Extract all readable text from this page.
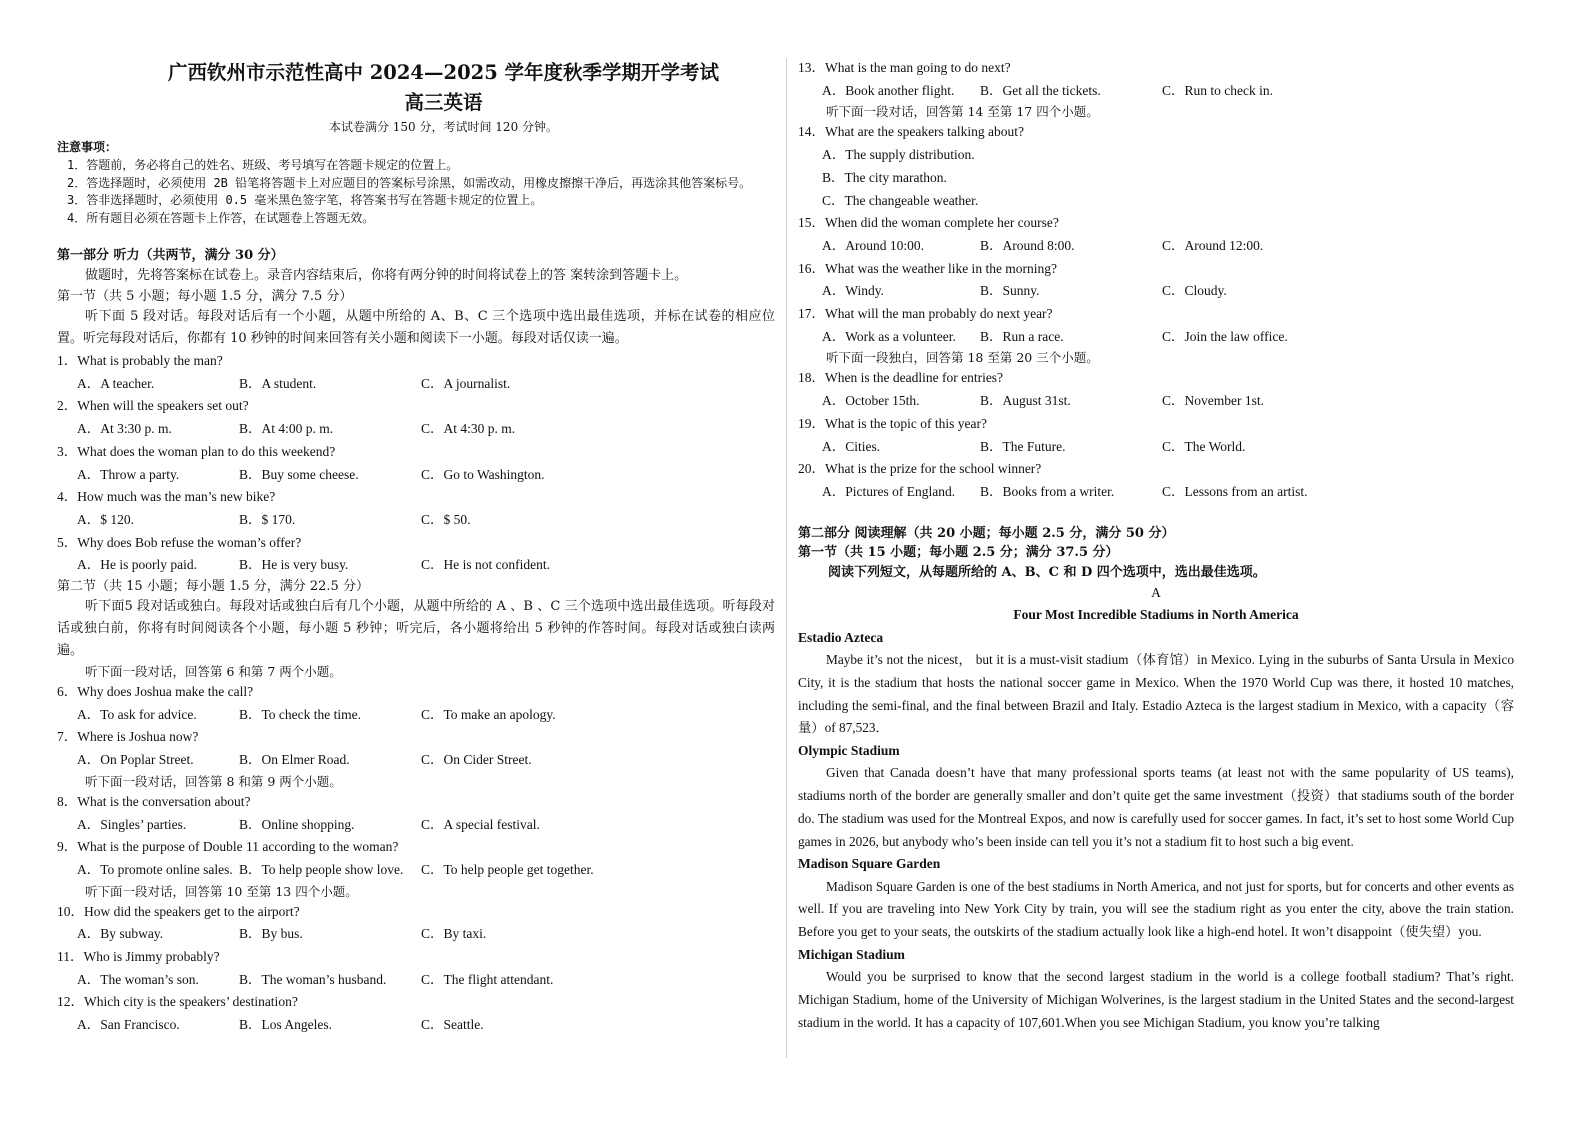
广西钦州市示范性高中 2024—2025 学年度秋季学期开学考试
高三英语
本试卷满分 150 分，考试时间 120 分钟。
注意事项：
1．答题前，务必将自己的姓名、班级、考号填写在答题卡规定的位置上。
2．答选择题时，必须使用 2B 铅笔将答题卡上对应题目的答案标号涂黑，如需改动，用橡皮擦擦干净后，再选涂其他答案标号。
3．答非选择题时，必须使用 0.5 毫米黑色签字笔，将答案书写在答题卡规定的位置上。
4．所有题目必须在答题卡上作答，在试题卷上答题无效。
第一部分 听力（共两节，满分 30 分）
做题时，先将答案标在试卷上。录音内容结束后，你将有两分钟的时间将试卷上的答 案转涂到答题卡上。
第一节（共 5 小题；每小题 1.5 分，满分 7.5 分）
听下面 5 段对话。每段对话后有一个小题，从题中所给的 A、B、C 三个选项中选出最佳选项，并标在试卷的相应位置。听完每段对话后，你都有 10 秒钟的时间来回答有关小题和阅读下一小题。每段对话仅读一遍。
1．What is probably the man?
A．A teacher.	B．A student.	C．A journalist.
2．When will the speakers set out?
A．At 3:30 p. m.	B．At 4:00 p. m.	C．At 4:30 p. m.
3．What does the woman plan to do this weekend?
A．Throw a party.	B．Buy some cheese.	C．Go to Washington.
4．How much was the man’s new bike?
A．$ 120.	B．$ 170.	C．$ 50.
5．Why does Bob refuse the woman’s offer?
A．He is poorly paid.	B．He is very busy.	C．He is not confident.
第二节（共 15 小题；每小题 1.5 分，满分 22.5 分）
听下面5 段对话或独白。每段对话或独白后有几个小题，从题中所给的 A 、B 、C 三个选项中选出最佳选项。听每段对话或独白前，你将有时间阅读各个小题，每小题 5 秒钟；听完后，各小题将给出 5 秒钟的作答时间。每段对话或独白读两遍。
听下面一段对话，回答第 6 和第 7 两个小题。
6．Why does Joshua make the call?
A．To ask for advice.	B．To check the time.	C．To make an apology.
7．Where is Joshua now?
A．On Poplar Street.	B．On Elmer Road.	C．On Cider Street.
听下面一段对话，回答第 8 和第 9 两个小题。
8．What is the conversation about?
A．Singles’ parties.	B．Online shopping.	C．A special festival.
9．What is the purpose of Double 11 according to the woman?
A．To promote online sales. B．To help people show love.	C．To help people get together.
听下面一段对话，回答第 10 至第 13 四个小题。
10．How did the speakers get to the airport?
A．By subway.	B．By bus.	C．By taxi.
11．Who is Jimmy probably?
A．The woman’s son.	B．The woman’s husband.	C．The flight attendant.
12．Which city is the speakers’ destination?
A．San Francisco.	B．Los Angeles.	C．Seattle.
13．What is the man going to do next?
A．Book another flight.	B．Get all the tickets.	C．Run to check in.
听下面一段对话，回答第 14 至第 17 四个小题。
14．What are the speakers talking about?
A．The supply distribution.
B．The city marathon.
C．The changeable weather.
15．When did the woman complete her course?
A．Around 10:00.	B．Around 8:00.	C．Around 12:00.
16．What was the weather like in the morning?
A．Windy.	B．Sunny.	C．Cloudy.
17．What will the man probably do next year?
A．Work as a volunteer.	B．Run a race.	C．Join the law office.
听下面一段独白，回答第 18 至第 20 三个小题。
18．When is the deadline for entries?
A．October 15th.	B．August 31st.	C．November 1st.
19．What is the topic of this year?
A．Cities.	B．The Future.	C．The World.
20．What is the prize for the school winner?
A．Pictures of England.	B．Books from a writer.	C．Lessons from an artist.
第二部分 阅读理解（共 20 小题；每小题 2.5 分，满分 50 分）
第一节（共 15 小题；每小题 2.5 分；满分 37.5 分）
阅读下列短文，从每题所给的 A、B、C 和 D 四个选项中，选出最佳选项。
A
Four Most Incredible Stadiums in North America
Estadio Azteca
Maybe it’s not the nicest， but it is a must-visit stadium（体育馆）in Mexico. Lying in the suburbs of Santa Ursula in Mexico City, it is the stadium that hosts the national soccer game in Mexico. When the 1970 World Cup was there, it hosted 10 matches, including the semi-final, and the final between Brazil and Italy. Estadio Azteca is the largest stadium in Mexico, with a capacity（容量）of 87,523．
Olympic Stadium
Given that Canada doesn’t have that many professional sports teams (at least not with the same popularity of US teams), stadiums north of the border are generally smaller and don’t quite get the same investment（投资）that stadiums south of the border do. The stadium was used for the Montreal Expos, and now is carefully used for soccer games. In fact, it’s set to host some World Cup games in 2026, but anybody who’s been inside can tell you it’s not a stadium fit to host such a big event.
Madison Square Garden
Madison Square Garden is one of the best stadiums in North America, and not just for sports, but for concerts and other events as well. If you are traveling into New York City by train, you will see the stadium right as you enter the city, above the train station. Before you get to your seats, the outskirts of the stadium actually look like a high-end hotel. It won’t disappoint（使失望）you.
Michigan Stadium
Would you be surprised to know that the second largest stadium in the world is a college football stadium? That’s right. Michigan Stadium, home of the University of Michigan Wolverines, is the largest stadium in the United States and the second-largest stadium in the world. It has a capacity of 107,601.When you see Michigan Stadium, you know you’re talking
